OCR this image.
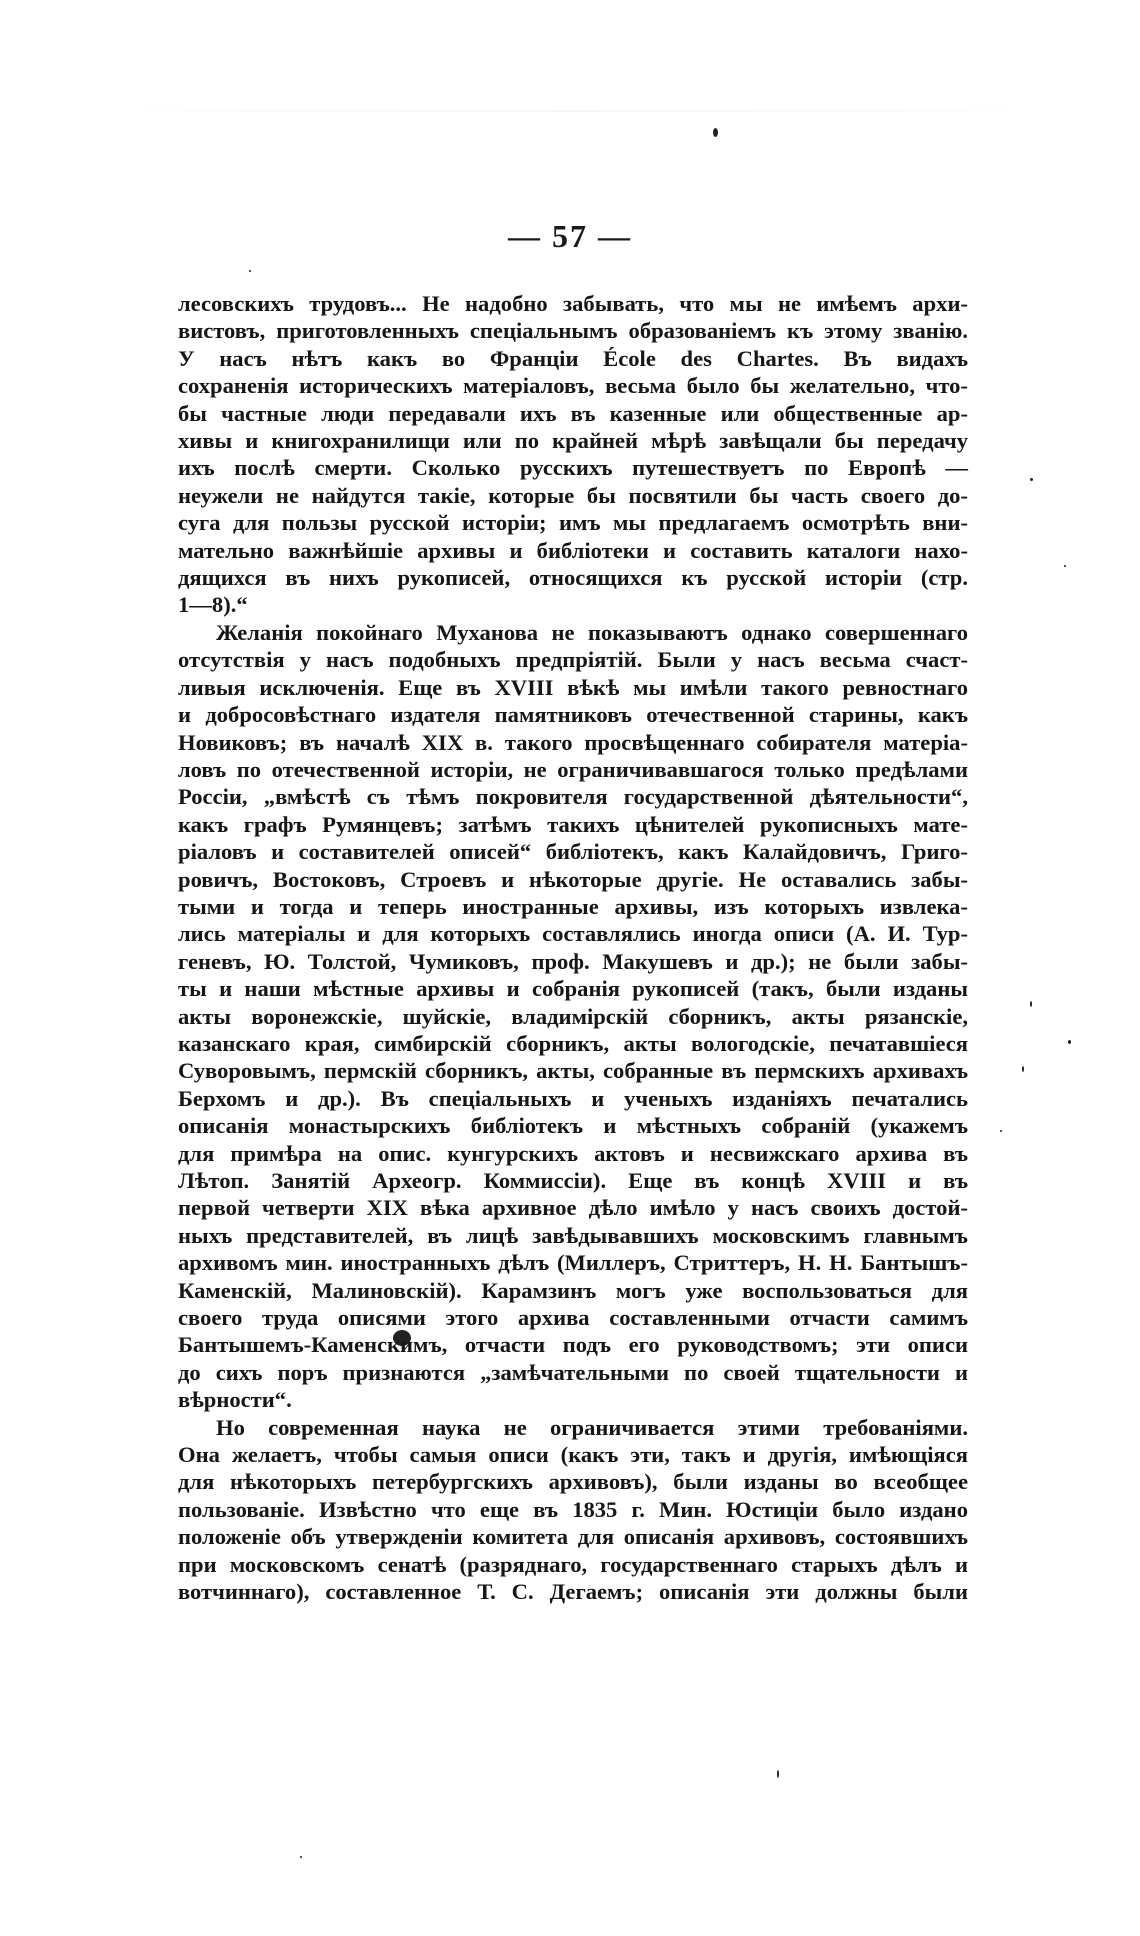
— 57 —
лесовскихъ трудовъ... Не надобно забывать, что мы не имѣемъ архи-
вистовъ, приготовленныхъ спеціальнымъ образованіемъ къ этому званію.
У насъ нѣтъ какъ во Франціи École des Chartes. Въ видахъ
сохраненія историческихъ матеріаловъ, весьма было бы желательно, что-
бы частные люди передавали ихъ въ казенные или общественные ар-
хивы и книгохранилищи или по крайней мѣрѣ завѣщали бы передачу
ихъ послѣ смерти. Сколько русскихъ путешествуетъ по Европѣ —
неужели не найдутся такіе, которые бы посвятили бы часть своего до-
суга для пользы русской исторіи; имъ мы предлагаемъ осмотрѣть вни-
мательно важнѣйшіе архивы и библіотеки и составить каталоги нахо-
дящихся въ нихъ рукописей, относящихся къ русской исторіи (стр.
1—8).“
Желанія покойнаго Муханова не показываютъ однако совершеннаго
отсутствія у насъ подобныхъ предпріятій. Были у насъ весьма счаст-
ливыя исключенія. Еще въ XVIII вѣкѣ мы имѣли такого ревностнаго
и добросовѣстнаго издателя памятниковъ отечественной старины, какъ
Новиковъ; въ началѣ XIX в. такого просвѣщеннаго собирателя матеріа-
ловъ по отечественной исторіи, не ограничивавшагося только предѣлами
Россіи, „вмѣстѣ съ тѣмъ покровителя государственной дѣятельности“,
какъ графъ Румянцевъ; затѣмъ такихъ цѣнителей рукописныхъ мате-
ріаловъ и составителей описей“ библіотекъ, какъ Калайдовичъ, Григо-
ровичъ, Востоковъ, Строевъ и нѣкоторые другіе. Не оставались забы-
тыми и тогда и теперь иностранные архивы, изъ которыхъ извлека-
лись матеріалы и для которыхъ составлялись иногда описи (А. И. Тур-
геневъ, Ю. Толстой, Чумиковъ, проф. Макушевъ и др.); не были забы-
ты и наши мѣстные архивы и собранія рукописей (такъ, были изданы
акты воронежскіе, шуйскіе, владимірскій сборникъ, акты рязанскіе,
казанскаго края, симбирскій сборникъ, акты вологодскіе, печатавшіеся
Суворовымъ, пермскій сборникъ, акты, собранные въ пермскихъ архивахъ
Берхомъ и др.). Въ спеціальныхъ и ученыхъ изданіяхъ печатались
описанія монастырскихъ библіотекъ и мѣстныхъ собраній (укажемъ
для примѣра на опис. кунгурскихъ актовъ и несвижскаго архива въ
Лѣтоп. Занятій Археогр. Коммиссіи). Еще въ концѣ XVIII и въ
первой четверти XIX вѣка архивное дѣло имѣло у насъ своихъ достой-
ныхъ представителей, въ лицѣ завѣдывавшихъ московскимъ главнымъ
архивомъ мин. иностранныхъ дѣлъ (Миллеръ, Стриттеръ, Н. Н. Бантышъ-
Каменскій, Малиновскій). Карамзинъ могъ уже воспользоваться для
своего труда описями этого архива составленными отчасти самимъ
Бантышемъ-Каменскимъ, отчасти подъ его руководствомъ; эти описи
до сихъ поръ признаются „замѣчательными по своей тщательности и
вѣрности“.
Но современная наука не ограничивается этими требованіями.
Она желаетъ, чтобы самыя описи (какъ эти, такъ и другія, имѣющіяся
для нѣкоторыхъ петербургскихъ архивовъ), были изданы во всеобщее
пользованіе. Извѣстно что еще въ 1835 г. Мин. Юстиціи было издано
положеніе объ утвержденіи комитета для описанія архивовъ, состоявшихъ
при московскомъ сенатѣ (разряднаго, государственнаго старыхъ дѣлъ и
вотчиннаго), составленное Т. С. Дегаемъ; описанія эти должны были
